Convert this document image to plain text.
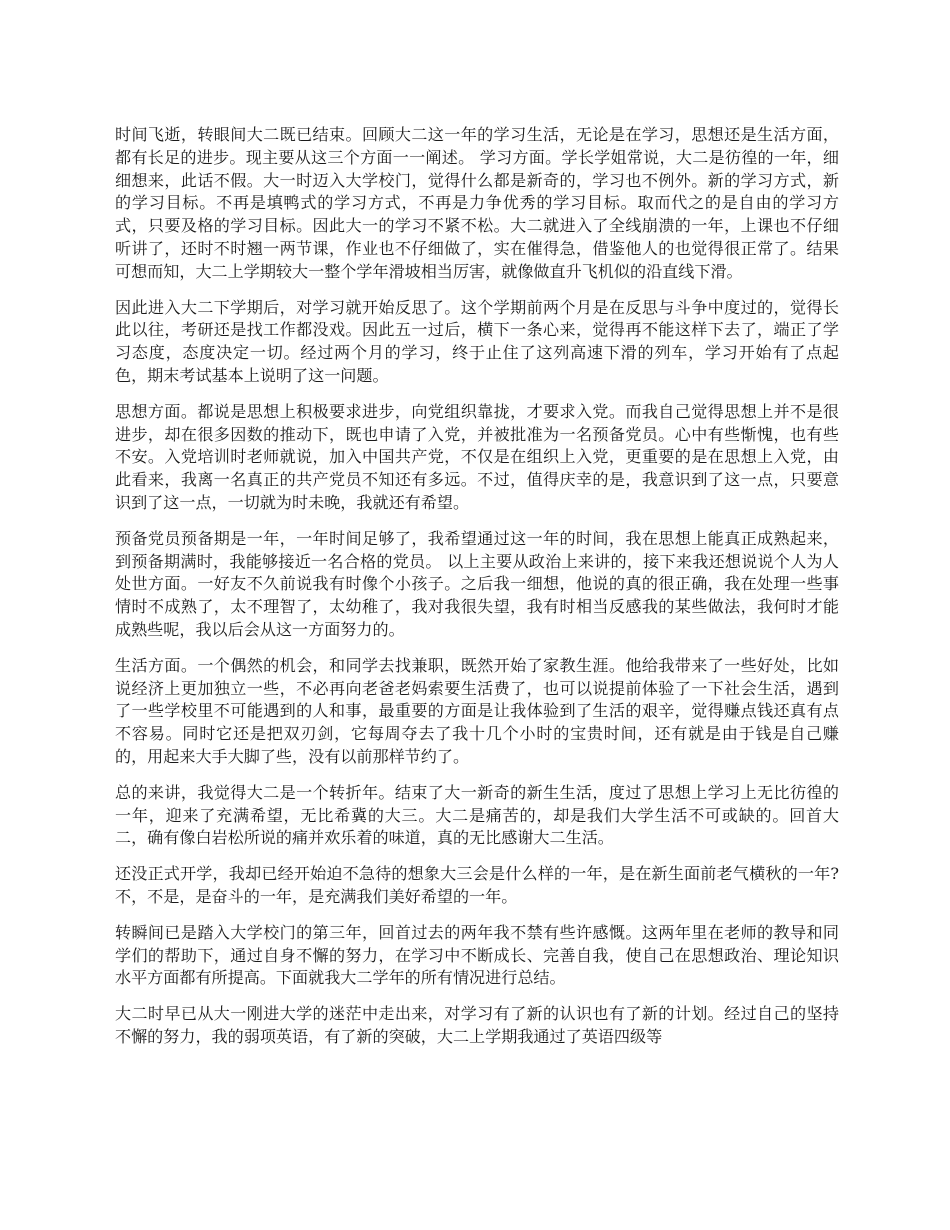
时间飞逝，转眼间大二既已结束。回顾大二这一年的学习生活，无论是在学习，思想还是生活方面，都有长足的进步。现主要从这三个方面一一阐述。 学习方面。学长学姐常说，大二是彷徨的一年，细细想来，此话不假。大一时迈入大学校门，觉得什么都是新奇的，学习也不例外。新的学习方式，新的学习目标。不再是填鸭式的学习方式，不再是力争优秀的学习目标。取而代之的是自由的学习方式，只要及格的学习目标。因此大一的学习不紧不松。大二就进入了全线崩溃的一年，上课也不仔细听讲了，还时不时翘一两节课，作业也不仔细做了，实在催得急，借鉴他人的也觉得很正常了。结果可想而知，大二上学期较大一整个学年滑坡相当厉害，就像做直升飞机似的沿直线下滑。

因此进入大二下学期后，对学习就开始反思了。这个学期前两个月是在反思与斗争中度过的，觉得长此以往，考研还是找工作都没戏。因此五一过后，横下一条心来，觉得再不能这样下去了，端正了学习态度，态度决定一切。经过两个月的学习，终于止住了这列高速下滑的列车，学习开始有了点起色，期末考试基本上说明了这一问题。

思想方面。都说是思想上积极要求进步，向党组织靠拢，才要求入党。而我自己觉得思想上并不是很进步，却在很多因数的推动下，既也申请了入党，并被批准为一名预备党员。心中有些惭愧，也有些不安。入党培训时老师就说，加入中国共产党，不仅是在组织上入党，更重要的是在思想上入党，由此看来，我离一名真正的共产党员不知还有多远。不过，值得庆幸的是，我意识到了这一点，只要意识到了这一点，一切就为时未晚，我就还有希望。

预备党员预备期是一年，一年时间足够了，我希望通过这一年的时间，我在思想上能真正成熟起来，到预备期满时，我能够接近一名合格的党员。 以上主要从政治上来讲的，接下来我还想说说个人为人处世方面。一好友不久前说我有时像个小孩子。之后我一细想，他说的真的很正确，我在处理一些事情时不成熟了，太不理智了，太幼稚了，我对我很失望，我有时相当反感我的某些做法，我何时才能成熟些呢，我以后会从这一方面努力的。

生活方面。一个偶然的机会，和同学去找兼职，既然开始了家教生涯。他给我带来了一些好处，比如说经济上更加独立一些，不必再向老爸老妈索要生活费了，也可以说提前体验了一下社会生活，遇到了一些学校里不可能遇到的人和事，最重要的方面是让我体验到了生活的艰辛，觉得赚点钱还真有点不容易。同时它还是把双刃剑，它每周夺去了我十几个小时的宝贵时间，还有就是由于钱是自己赚的，用起来大手大脚了些，没有以前那样节约了。

总的来讲，我觉得大二是一个转折年。结束了大一新奇的新生生活，度过了思想上学习上无比彷徨的一年，迎来了充满希望，无比希冀的大三。大二是痛苦的，却是我们大学生活不可或缺的。回首大二，确有像白岩松所说的痛并欢乐着的味道，真的无比感谢大二生活。

还没正式开学，我却已经开始迫不急待的想象大三会是什么样的一年，是在新生面前老气横秋的一年?不，不是，是奋斗的一年，是充满我们美好希望的一年。

转瞬间已是踏入大学校门的第三年，回首过去的两年我不禁有些许感慨。这两年里在老师的教导和同学们的帮助下，通过自身不懈的努力，在学习中不断成长、完善自我，使自己在思想政治、理论知识水平方面都有所提高。下面就我大二学年的所有情况进行总结。

大二时早已从大一刚进大学的迷茫中走出来，对学习有了新的认识也有了新的计划。经过自己的坚持不懈的努力，我的弱项英语，有了新的突破，大二上学期我通过了英语四级等
